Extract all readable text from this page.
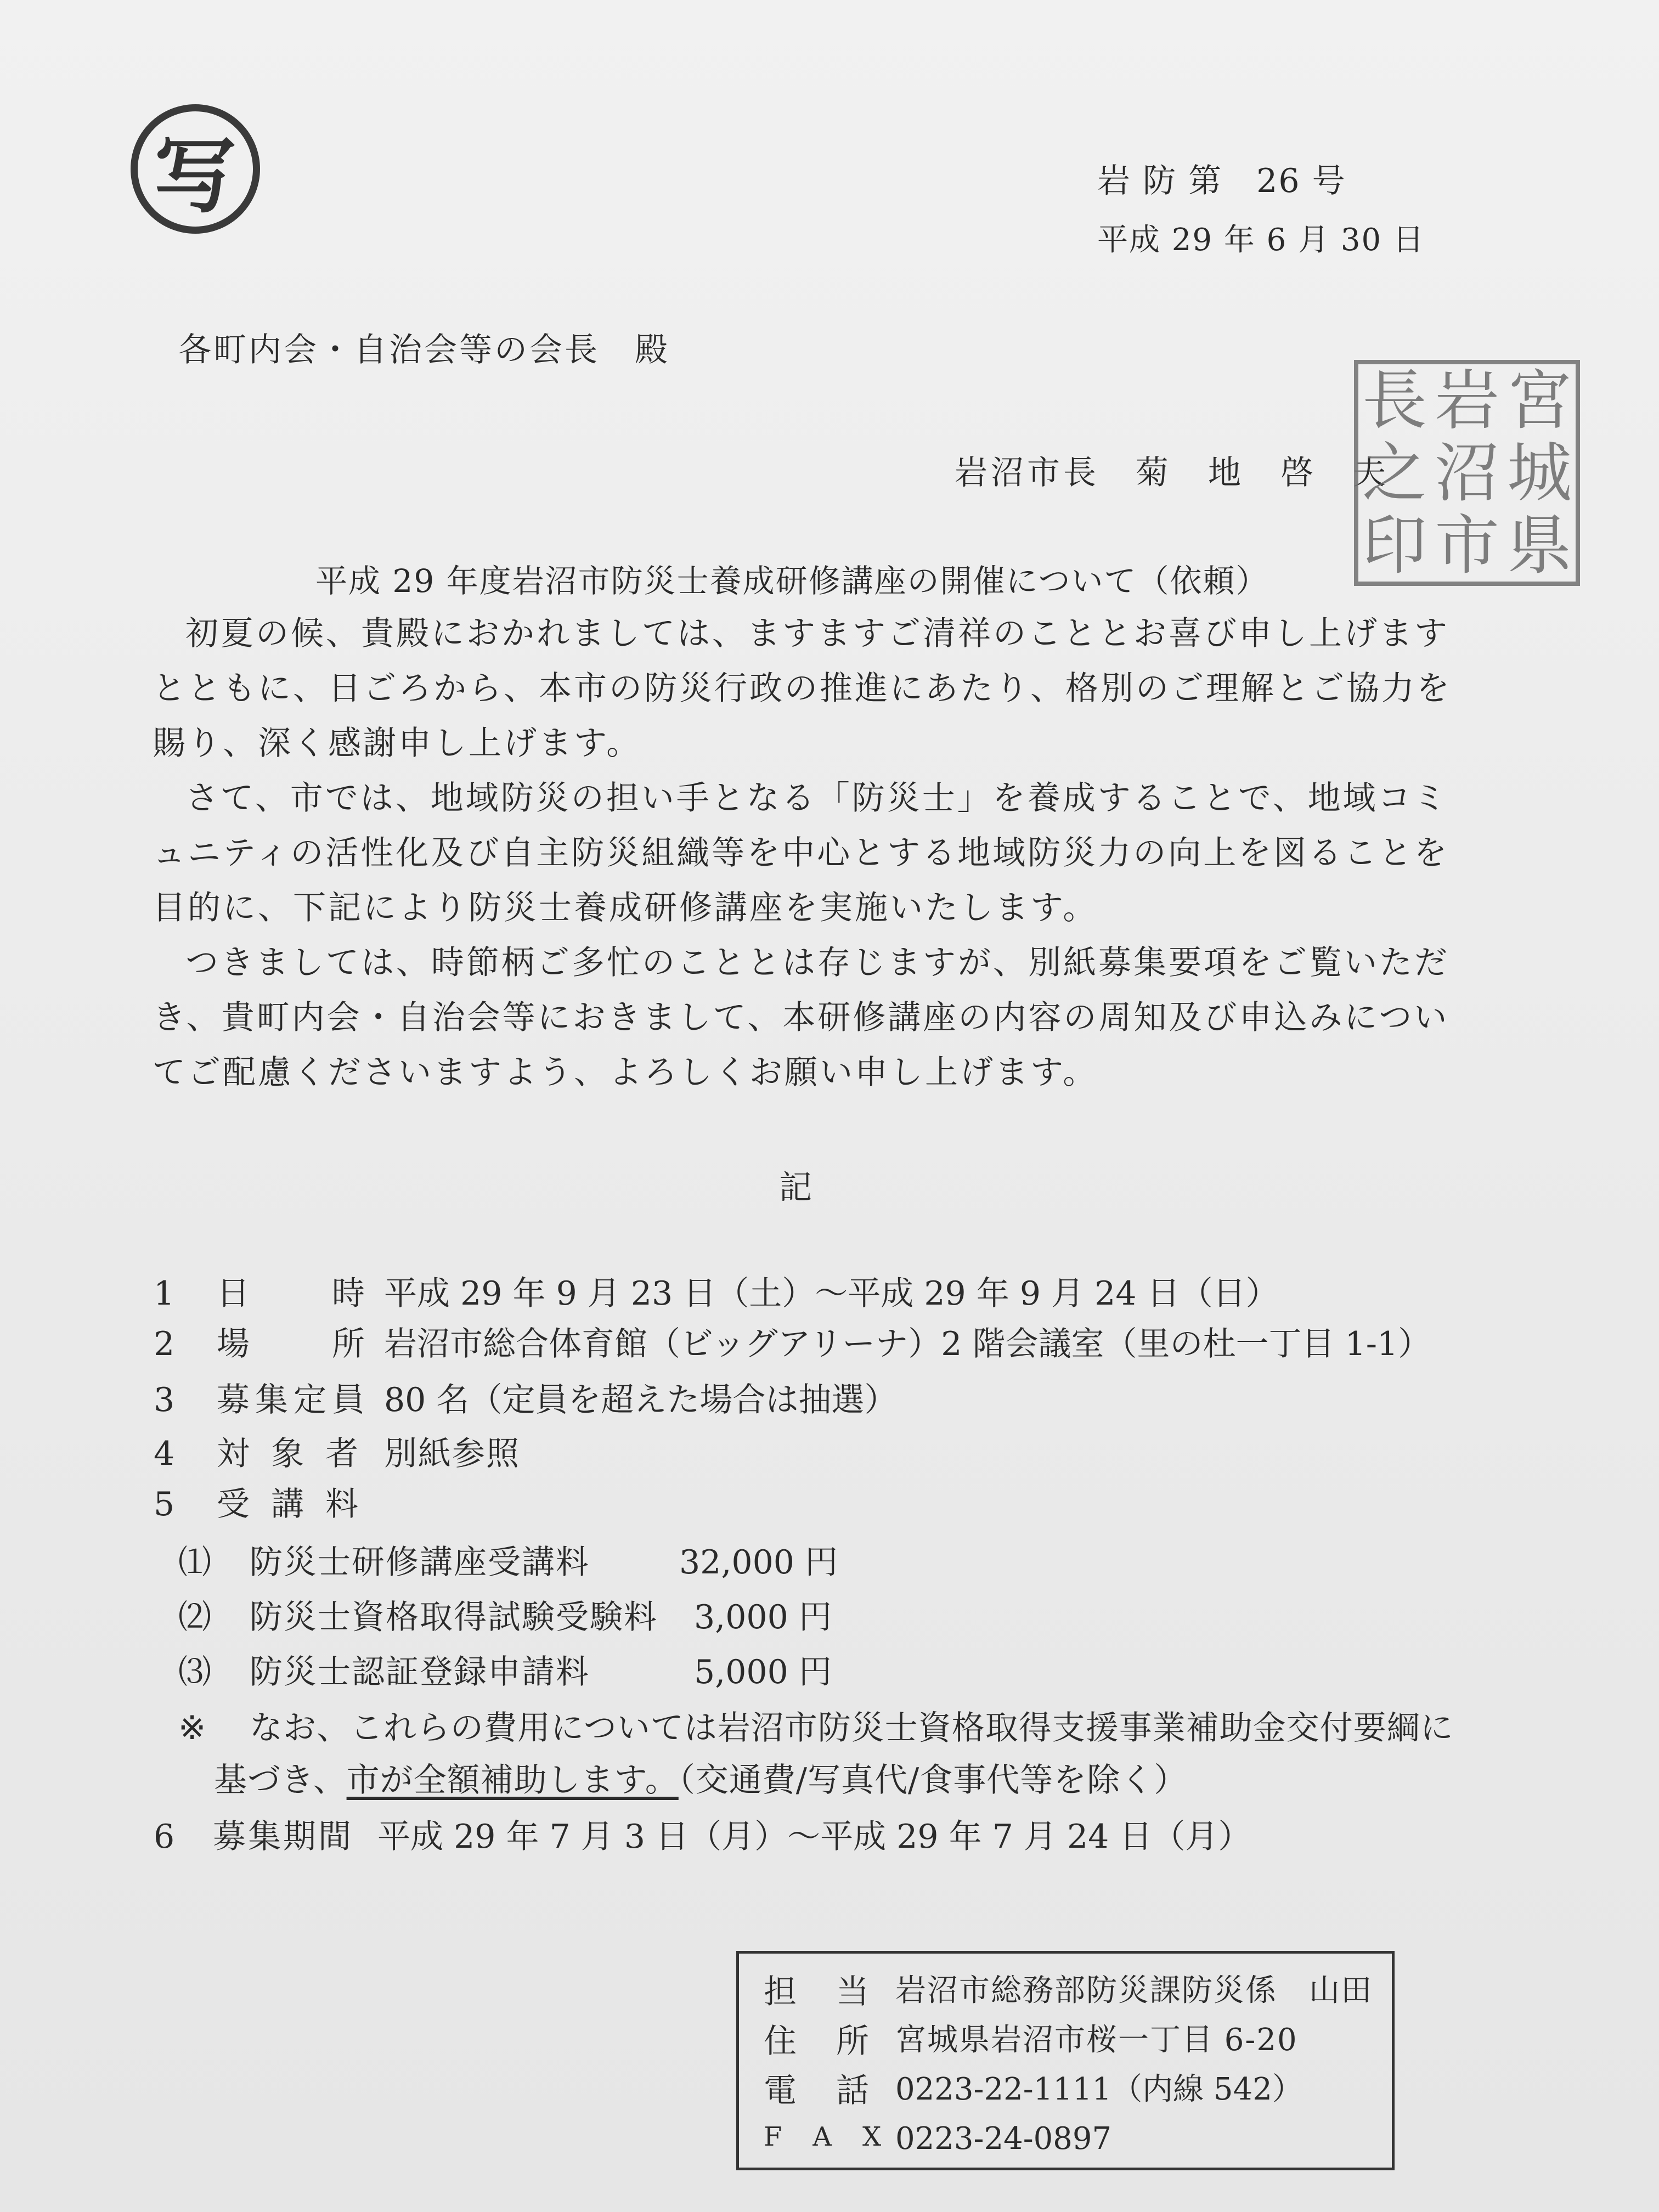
写	岩 防 第　26 号
平成 29 年 6 月 30 日
各町内会・自治会等の会長　殿
岩沼市長　菊　地　啓　夫
宮
城
県
岩
沼
市
長
之
印
平成 29 年度岩沼市防災士養成研修講座の開催について（依頼）

初夏の候、貴殿におかれましては、ますますご清祥のこととお喜び申し上げますとともに、日ごろから、本市の防災行政の推進にあたり、格別のご理解とご協力を賜り、深く感謝申し上げます。

さて、市では、地域防災の担い手となる「防災士」を養成することで、地域コミュニティの活性化及び自主防災組織等を中心とする地域防災力の向上を図ることを目的に、下記により防災士養成研修講座を実施いたします。

つきましては、時節柄ご多忙のこととは存じますが、別紙募集要項をご覧いただき、貴町内会・自治会等におきまして、本研修講座の内容の周知及び申込みについてご配慮くださいますよう、よろしくお願い申し上げます。

記
1 日　　時 平成 29 年 9 月 23 日（土）～平成 29 年 9 月 24 日（日）
2 場　　所 岩沼市総合体育館（ビッグアリーナ）2 階会議室（里の杜一丁目 1-1）
3 募集定員 80 名（定員を超えた場合は抽選）
4 対 象 者 別紙参照
5 受 講 料
⑴ 防災士研修講座受講料	32,000 円
⑵ 防災士資格取得試験受験料 3,000 円
⑶ 防災士認証登録申請料	5,000 円
※ なお、これらの費用については岩沼市防災士資格取得支援事業補助金交付要綱に
基づき、市が全額補助します。（交通費/写真代/食事代等を除く）
6 募集期間 平成 29 年 7 月 3 日（月）～平成 29 年 7 月 24 日（月）
担　当 岩沼市総務部防災課防災係　山田
住　所 宮城県岩沼市桜一丁目 6-20
電　話 0223-22-1111（内線 542）
F　A　X 0223-24-0897
